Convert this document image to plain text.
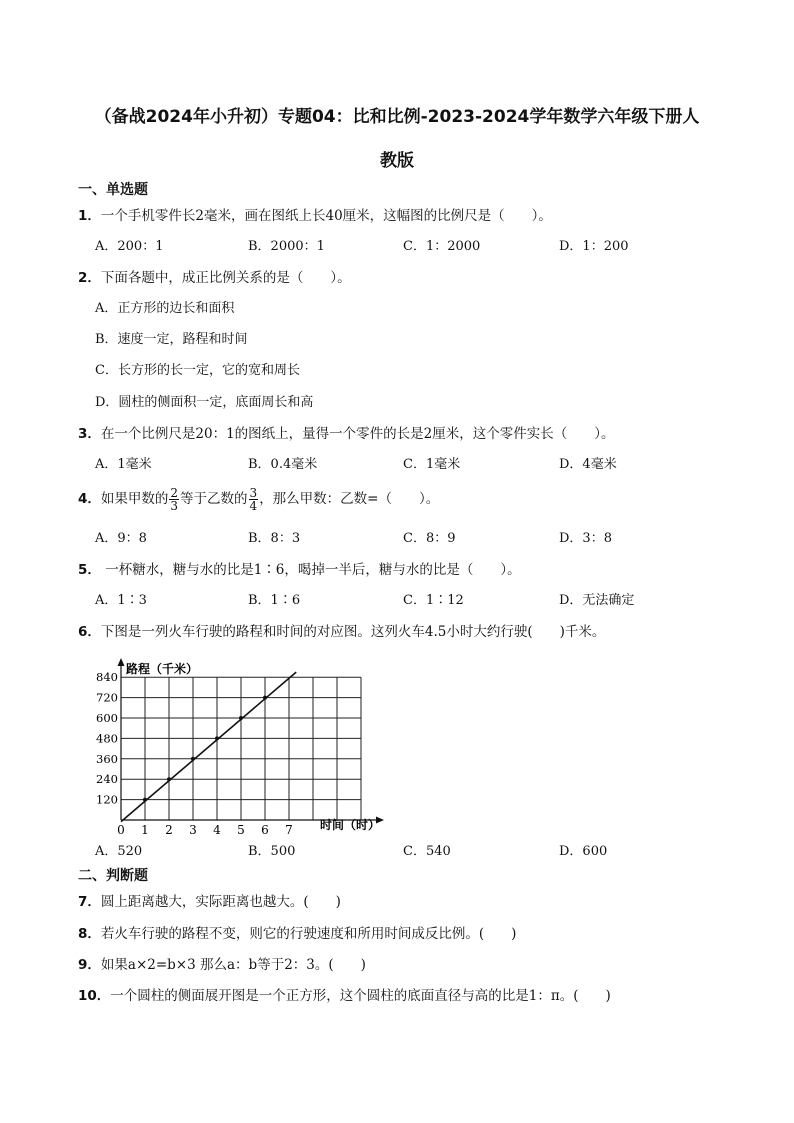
（备战2024年小升初）专题04：比和比例-2023-2024学年数学六年级下册人
教版
一、单选题
1．一个手机零件长2毫米，画在图纸上长40厘米，这幅图的比例尺是（　　）。
A．200：1	B．2000：1	C．1：2000	D．1：200
2．下面各题中，成正比例关系的是（　　）。
A．正方形的边长和面积
B．速度一定，路程和时间
C．长方形的长一定，它的宽和周长
D．圆柱的侧面积一定，底面周长和高
3．在一个比例尺是20：1的图纸上，量得一个零件的长是2厘米，这个零件实长（　　）。
A．1毫米	B．0.4毫米	C．1毫米	D．4毫米
4．如果甲数的 $\frac{2}{3}$ 等于乙数的 $\frac{3}{4}$ ，那么甲数：乙数=（　　）。
A．9：8	B．8：3	C．8：9	D．3：8
5． 一杯糖水，糖与水的比是1∶6，喝掉一半后，糖与水的比是（　　）。
A．1∶3	B．1∶6	C．1∶12	D．无法确定
6．下图是一列火车行驶的路程和时间的对应图。这列火车4.5小时大约行驶(　　)千米。
0 1 2 3 4 5 6 7
120
240
360
480
600
720
840
路程（千米）
时间（时）
A．520	B．500	C．540	D．600
二、判断题
7．圆上距离越大，实际距离也越大。(　　)
8．若火车行驶的路程不变，则它的行驶速度和所用时间成反比例。(　　)
9．如果a×2=b×3 那么a：b等于2：3。(　　)
10．一个圆柱的侧面展开图是一个正方形，这个圆柱的底面直径与高的比是1：π。(　　)
